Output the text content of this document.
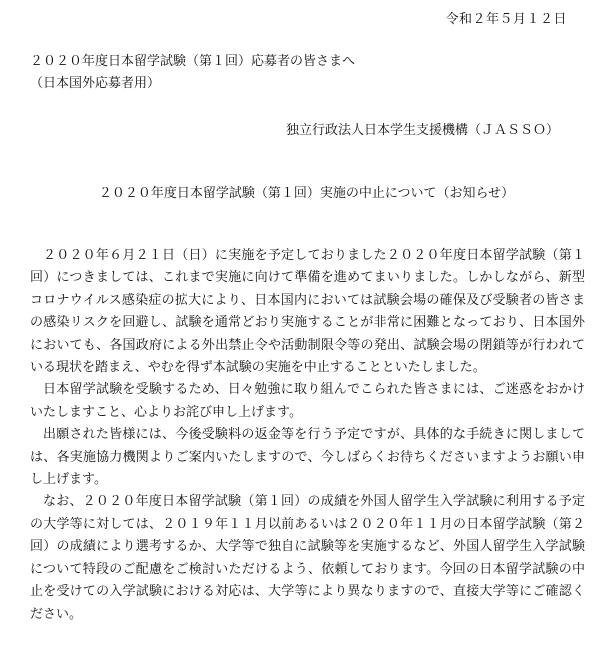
令和２年５月１２日
２０２０年度日本留学試験（第１回）応募者の皆さまへ
（日本国外応募者用）
独立行政法人日本学生支援機構（ＪＡＳＳＯ）
２０２０年度日本留学試験（第１回）実施の中止について（お知らせ）

２０２０年６月２１日（日）に実施を予定しておりました２０２０年度日本留学試験（第１回）につきましては、これまで実施に向けて準備を進めてまいりました。しかしながら、新型コロナウイルス感染症の拡大により、日本国内においては試験会場の確保及び受験者の皆さまの感染リスクを回避し、試験を通常どおり実施することが非常に困難となっており、日本国外においても、各国政府による外出禁止令や活動制限令等の発出、試験会場の閉鎖等が行われている現状を踏まえ、やむを得ず本試験の実施を中止することといたしました。

日本留学試験を受験するため、日々勉強に取り組んでこられた皆さまには、ご迷惑をおかけいたしますこと、心よりお詫び申し上げます。

出願された皆様には、今後受験料の返金等を行う予定ですが、具体的な手続きに関しましては、各実施協力機関よりご案内いたしますので、今しばらくお待ちくださいますようお願い申し上げます。

なお、２０２０年度日本留学試験（第１回）の成績を外国人留学生入学試験に利用する予定の大学等に対しては、２０１９年１１月以前あるいは２０２０年１１月の日本留学試験（第２回）の成績により選考するか、大学等で独自に試験等を実施するなど、外国人留学生入学試験について特段のご配慮をご検討いただけるよう、依頼しております。今回の日本留学試験の中止を受けての入学試験における対応は、大学等により異なりますので、直接大学等にご確認ください。
